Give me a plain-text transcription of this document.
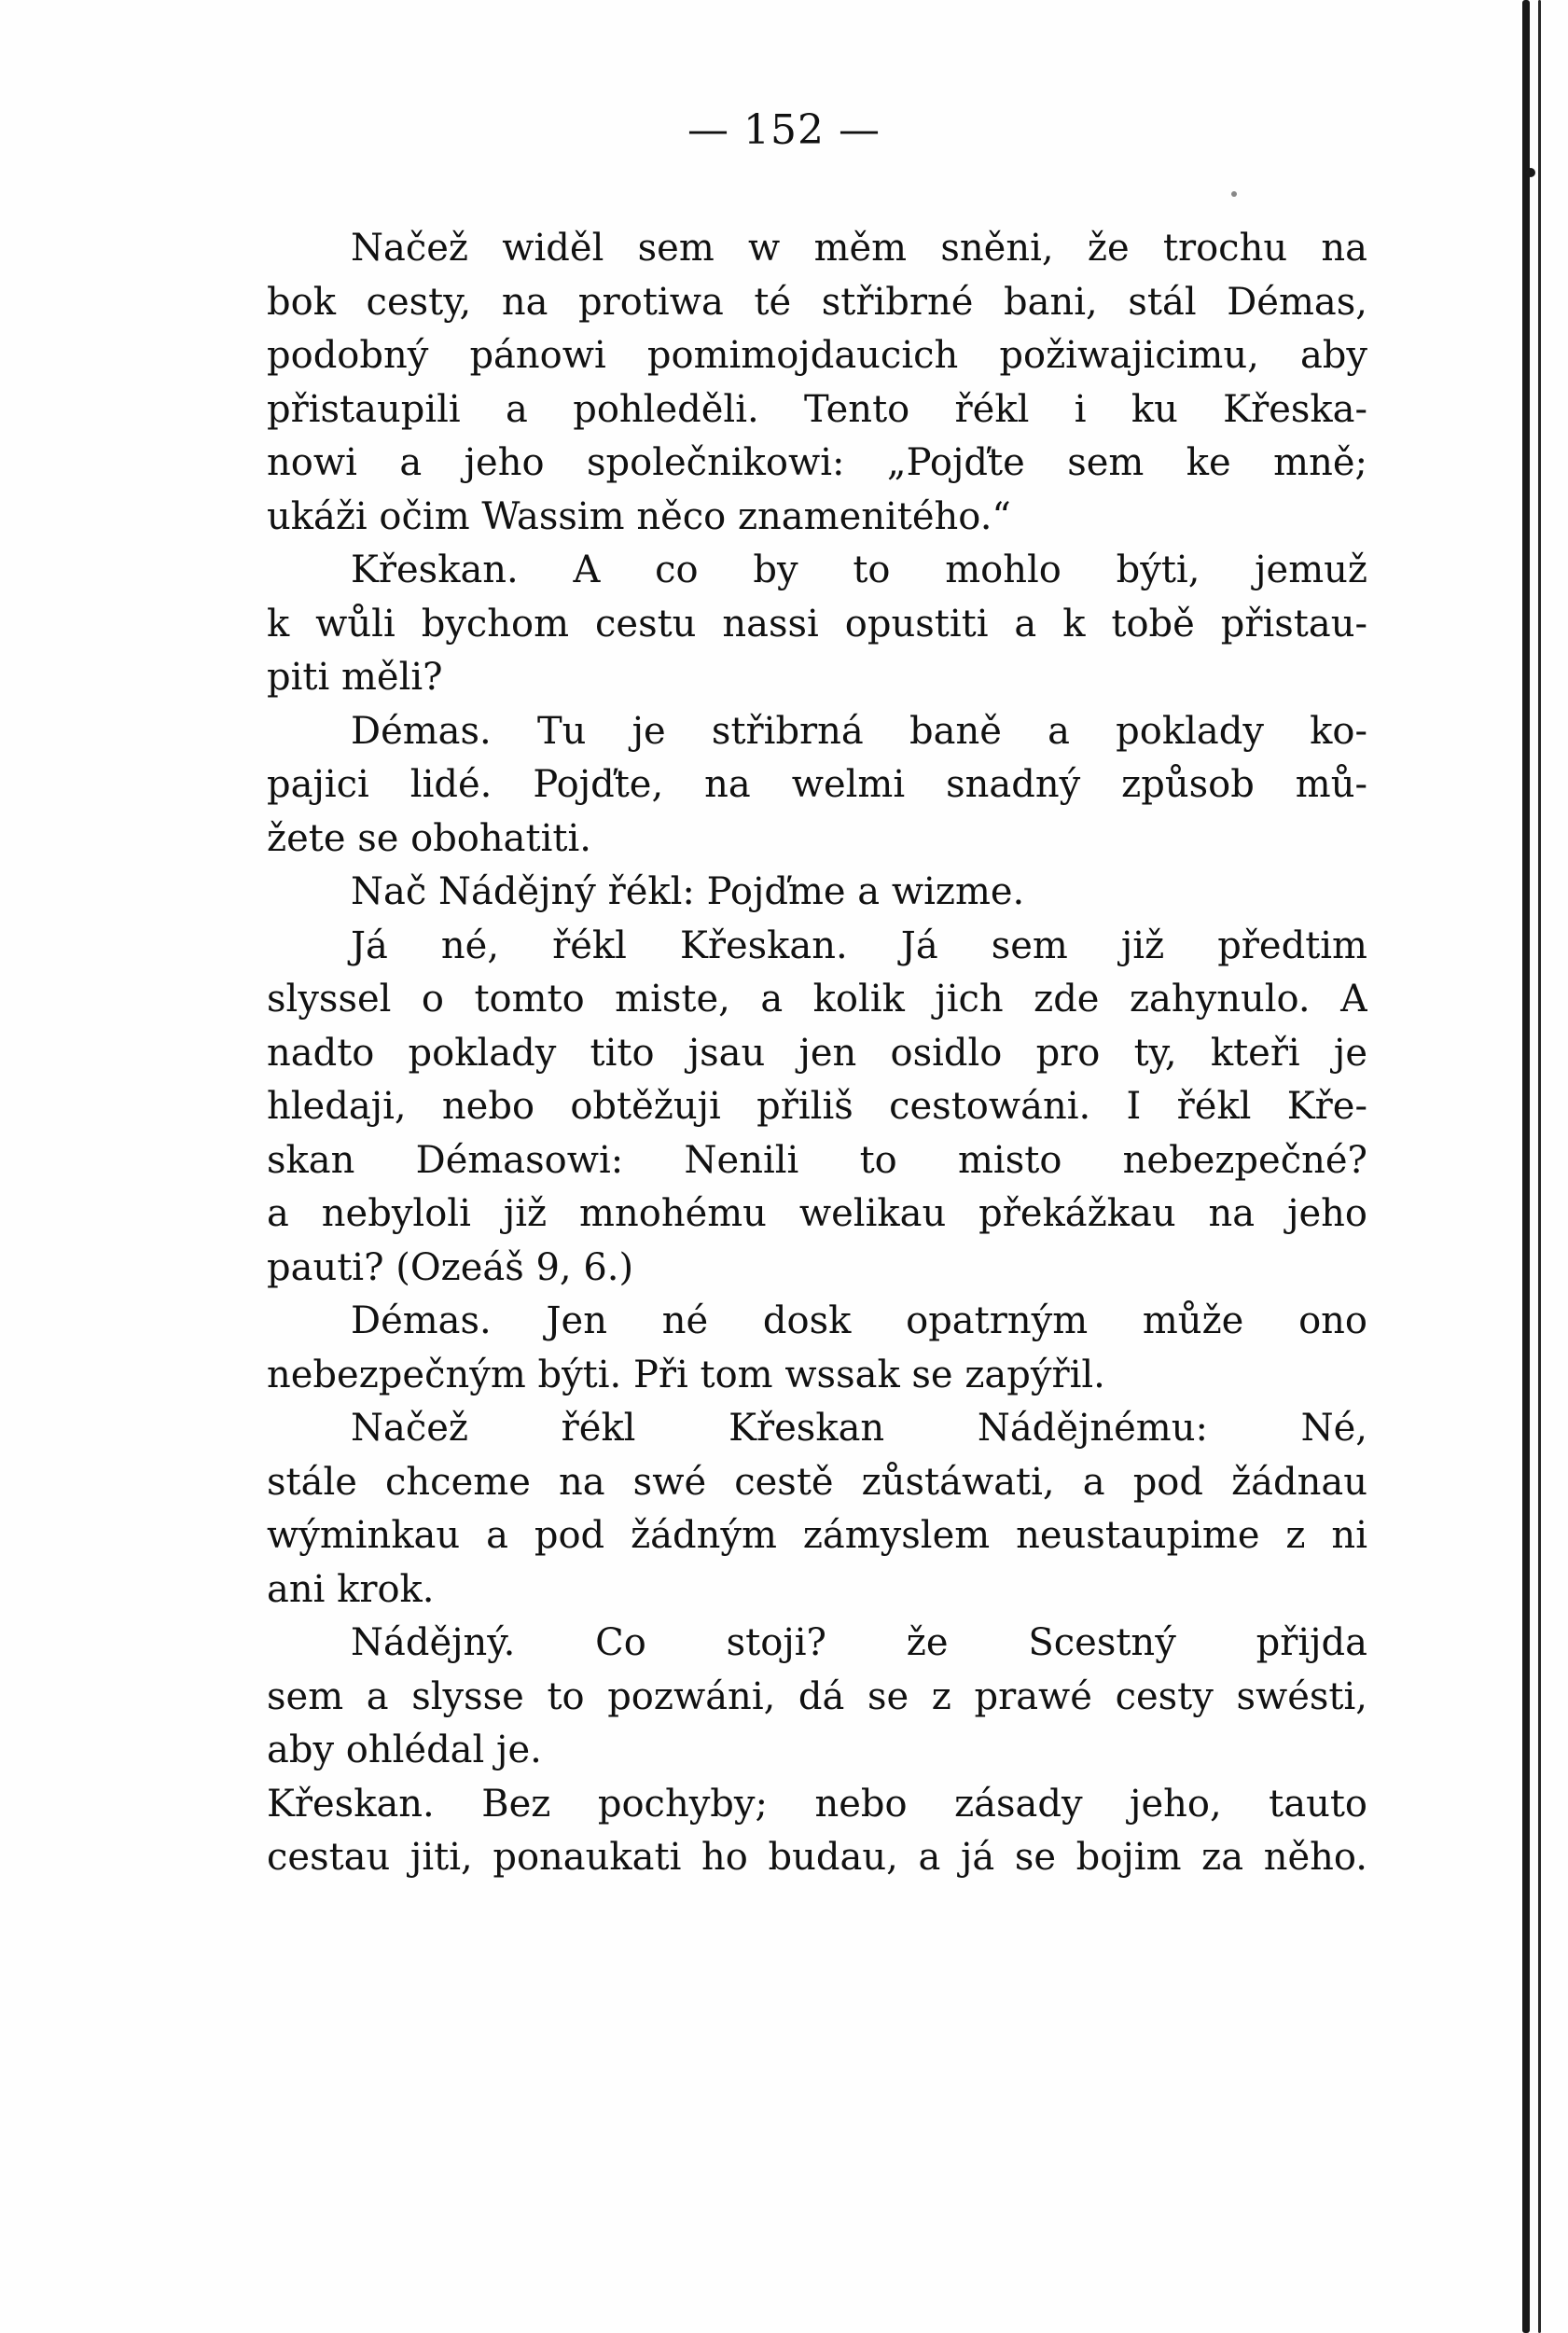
— 152 —
Načež widěl sem w měm sněni, že trochu na
bok cesty, na protiwa té střibrné bani, stál Démas,
podobný pánowi pomimojdaucich požiwajicimu, aby
přistaupili a pohleděli. Tento řékl i ku Křeska-
nowi a jeho společnikowi: „Pojďte sem ke mně;
ukáži očim Wassim něco znamenitého.“
Křeskan. A co by to mohlo býti, jemuž
k wůli bychom cestu nassi opustiti a k tobě přistau-
piti měli?
Démas. Tu je střibrná baně a poklady ko-
pajici lidé. Pojďte, na welmi snadný způsob mů-
žete se obohatiti.
Nač Nádějný řékl: Pojďme a wizme.
Já né, řékl Křeskan. Já sem již předtim
slyssel o tomto miste, a kolik jich zde zahynulo. A
nadto poklady tito jsau jen osidlo pro ty, kteři je
hledaji, nebo obtěžuji přiliš cestowáni. I řékl Kře-
skan Démasowi: Nenili to misto nebezpečné?
a nebyloli již mnohému welikau překážkau na jeho
pauti? (Ozeáš 9, 6.)
Démas. Jen né dosk opatrným může ono
nebezpečným býti. Při tom wssak se zapýřil.
Načež řékl Křeskan Nádějnému: Né,
stále chceme na swé cestě zůstáwati, a pod žádnau
wýminkau a pod žádným zámyslem neustaupime z ni
ani krok.
Nádějný. Co stoji? že Scestný přijda
sem a slysse to pozwáni, dá se z prawé cesty swésti,
aby ohlédal je.
Křeskan. Bez pochyby; nebo zásady jeho, tauto
cestau jiti, ponaukati ho budau, a já se bojim za něho.
